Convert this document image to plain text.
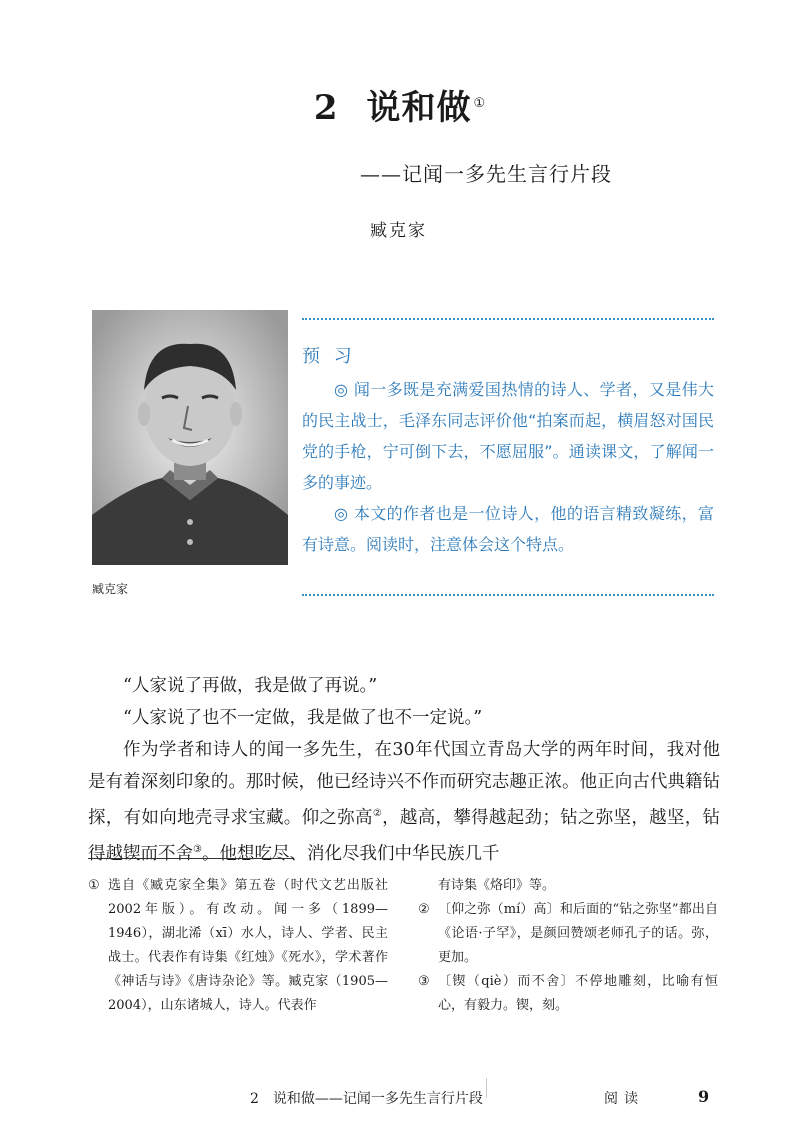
2 说和做 ①
——记闻一多先生言行片段
臧克家
臧克家
预 习

◎ 闻一多既是充满爱国热情的诗人、学者，又是伟大的民主战士，毛泽东同志评价他“拍案而起，横眉怒对国民党的手枪，宁可倒下去，不愿屈服”。通读课文，了解闻一多的事迹。

◎ 本文的作者也是一位诗人，他的语言精致凝练，富有诗意。阅读时，注意体会这个特点。

“人家说了再做，我是做了再说。”

“人家说了也不一定做，我是做了也不一定说。”

作为学者和诗人的闻一多先生，在30年代国立青岛大学的两年时间，我对他是有着深刻印象的。那时候，他已经诗兴不作而研究志趣正浓。他正向古代典籍钻探，有如向地壳寻求宝藏。仰之弥高②，越高，攀得越起劲；钻之弥坚，越坚，钻得越锲而不舍③。他想吃尽、消化尽我们中华民族几千

① 选自《臧克家全集》第五卷（时代文艺出版社2002年版）。有改动。闻一多（1899—1946），湖北浠（xī）水人，诗人、学者、民主战士。代表作有诗集《红烛》《死水》，学术著作《神话与诗》《唐诗杂论》等。臧克家（1905—2004），山东诸城人，诗人。代表作
有诗集《烙印》等。
② 〔仰之弥（mí）高〕和后面的“钻之弥坚”都出自《论语·子罕》，是颜回赞颂老师孔子的话。弥，更加。
③ 〔锲（qiè）而不舍〕不停地雕刻，比喻有恒心，有毅力。锲，刻。
2　说和做——记闻一多先生言行片段	阅读	9
